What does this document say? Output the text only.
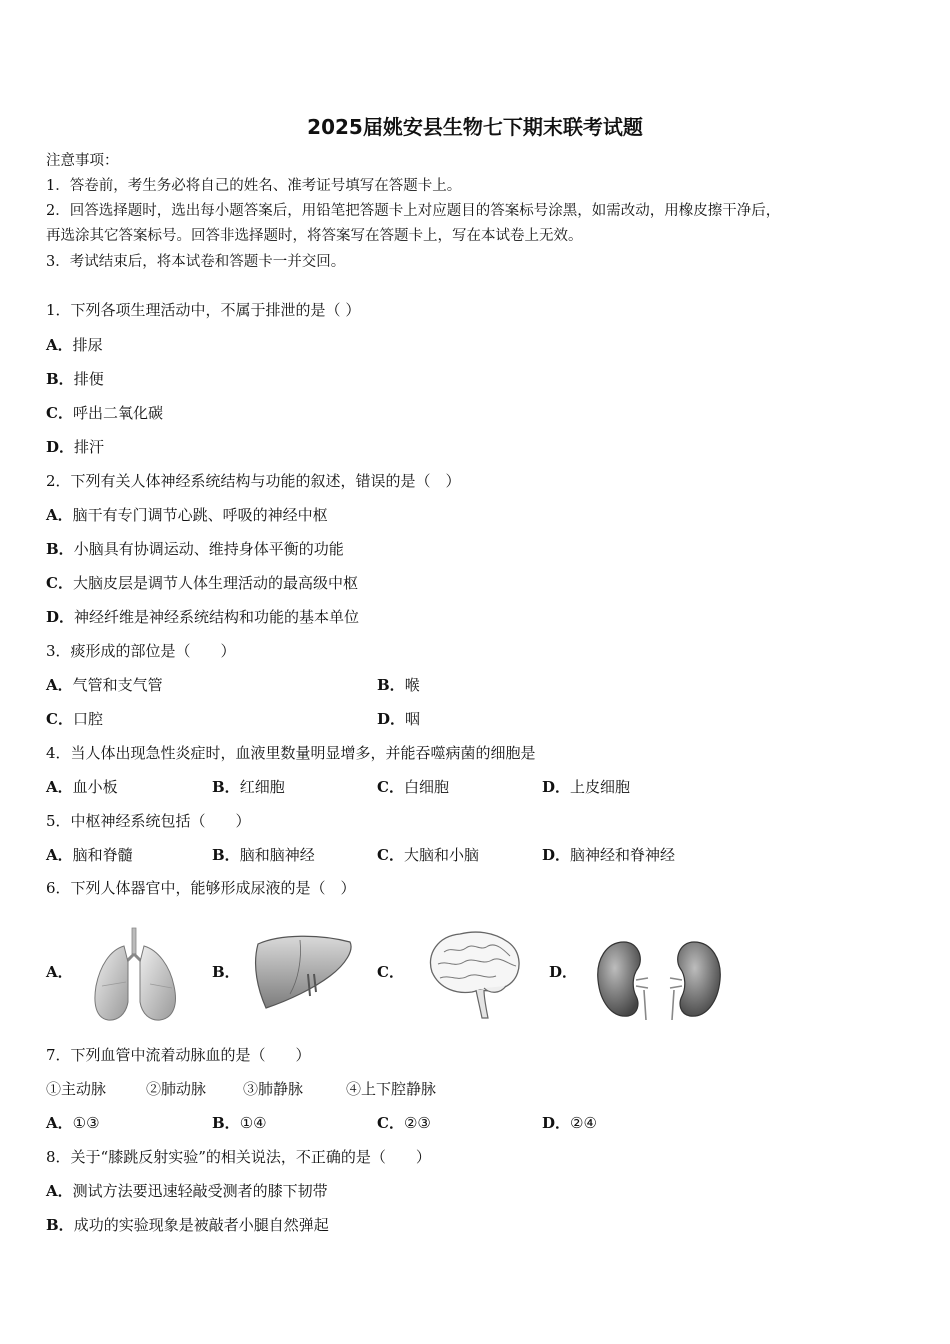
2025届姚安县生物七下期末联考试题
注意事项：
1．答卷前，考生务必将自己的姓名、准考证号填写在答题卡上。
2．回答选择题时，选出每小题答案后，用铅笔把答题卡上对应题目的答案标号涂黑，如需改动，用橡皮擦干净后，
再选涂其它答案标号。回答非选择题时，将答案写在答题卡上，写在本试卷上无效。
3．考试结束后，将本试卷和答题卡一并交回。
1．下列各项生理活动中，不属于排泄的是（ ）
A．排尿
B．排便
C．呼出二氧化碳
D．排汗
2．下列有关人体神经系统结构与功能的叙述，错误的是（　）
A．脑干有专门调节心跳、呼吸的神经中枢
B．小脑具有协调运动、维持身体平衡的功能
C．大脑皮层是调节人体生理活动的最高级中枢
D．神经纤维是神经系统结构和功能的基本单位
3．痰形成的部位是（　　）
A．气管和支气管	B．喉
C．口腔	D．咽
4．当人体出现急性炎症时，血液里数量明显增多，并能吞噬病菌的细胞是
A．血小板	B．红细胞	C．白细胞	D．上皮细胞
5．中枢神经系统包括（　　）
A．脑和脊髓	B．脑和脑神经	C．大脑和小脑	D．脑神经和脊神经
6．下列人体器官中，能够形成尿液的是（　）
A．	B．	C．	D．
7．下列血管中流着动脉血的是（　　）
①主动脉	②肺动脉 ③肺静脉	④上下腔静脉
A．①③	B．①④	C．②③	D．②④
8．关于“膝跳反射实验”的相关说法，不正确的是（　　）
A．测试方法要迅速轻敲受测者的膝下韧带
B．成功的实验现象是被敲者小腿自然弹起
